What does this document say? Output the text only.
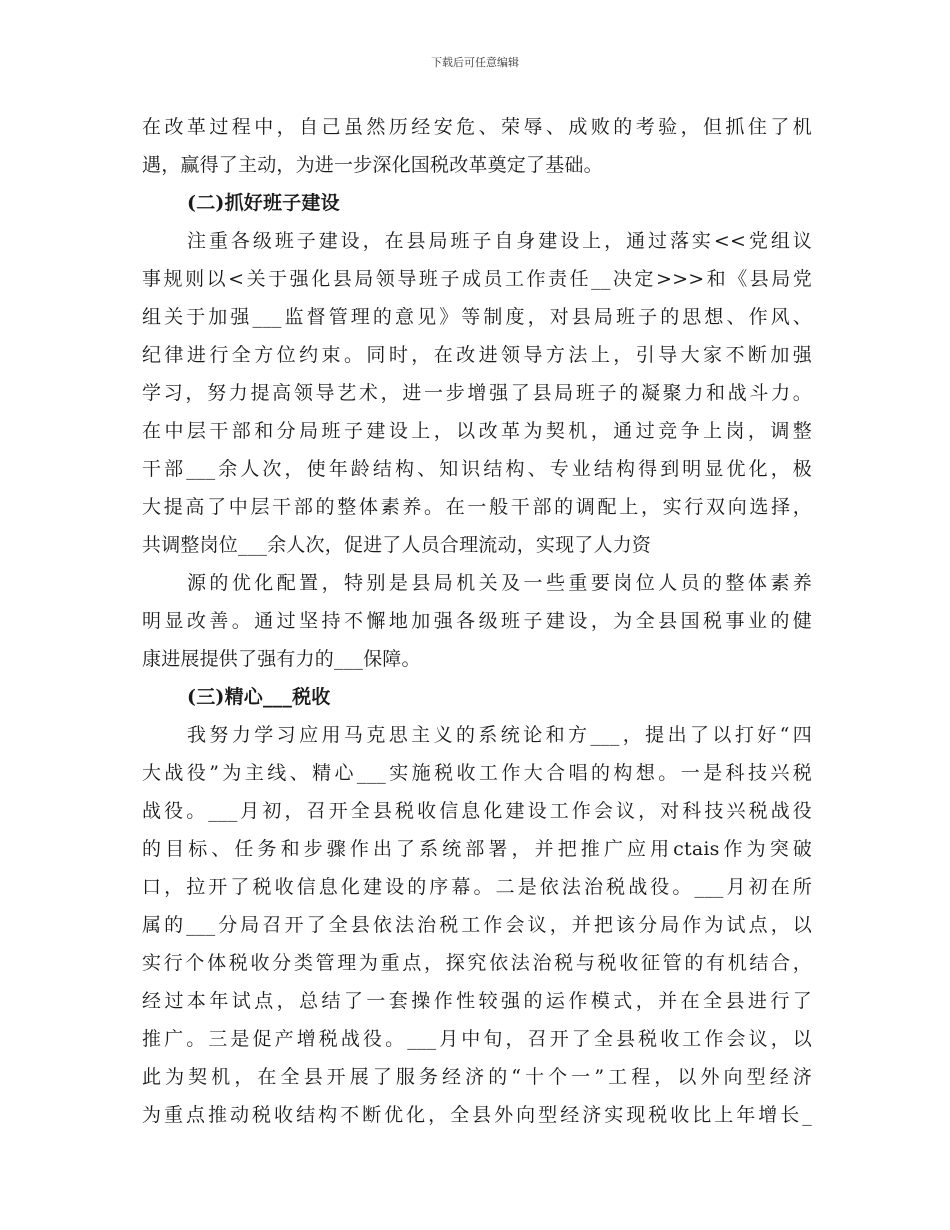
下载后可任意编辑
在改革过程中，自己虽然历经安危、荣辱、成败的考验，但抓住了机
遇，赢得了主动，为进一步深化国税改革奠定了基础。
(二)抓好班子建设
注重各级班子建设，在县局班子自身建设上，通过落实<<党组议
事规则以<关于强化县局领导班子成员工作责任__决定>>>和《县局党
组关于加强___监督管理的意见》等制度，对县局班子的思想、作风、
纪律进行全方位约束。同时，在改进领导方法上，引导大家不断加强
学习，努力提高领导艺术，进一步增强了县局班子的凝聚力和战斗力。
在中层干部和分局班子建设上，以改革为契机，通过竞争上岗，调整
干部___余人次，使年龄结构、知识结构、专业结构得到明显优化，极
大提高了中层干部的整体素养。在一般干部的调配上，实行双向选择，
共调整岗位___余人次，促进了人员合理流动，实现了人力资
源的优化配置，特别是县局机关及一些重要岗位人员的整体素养
明显改善。通过坚持不懈地加强各级班子建设，为全县国税事业的健
康进展提供了强有力的___保障。
(三)精心___税收
我努力学习应用马克思主义的系统论和方___，提出了以打好“四
大战役”为主线、精心___实施税收工作大合唱的构想。一是科技兴税
战役。___月初，召开全县税收信息化建设工作会议，对科技兴税战役
的目标、任务和步骤作出了系统部署，并把推广应用ctais作为突破
口，拉开了税收信息化建设的序幕。二是依法治税战役。___月初在所
属的___分局召开了全县依法治税工作会议，并把该分局作为试点，以
实行个体税收分类管理为重点，探究依法治税与税收征管的有机结合，
经过本年试点，总结了一套操作性较强的运作模式，并在全县进行了
推广。三是促产增税战役。___月中旬，召开了全县税收工作会议，以
此为契机，在全县开展了服务经济的“十个一”工程，以外向型经济
为重点推动税收结构不断优化，全县外向型经济实现税收比上年增长_
